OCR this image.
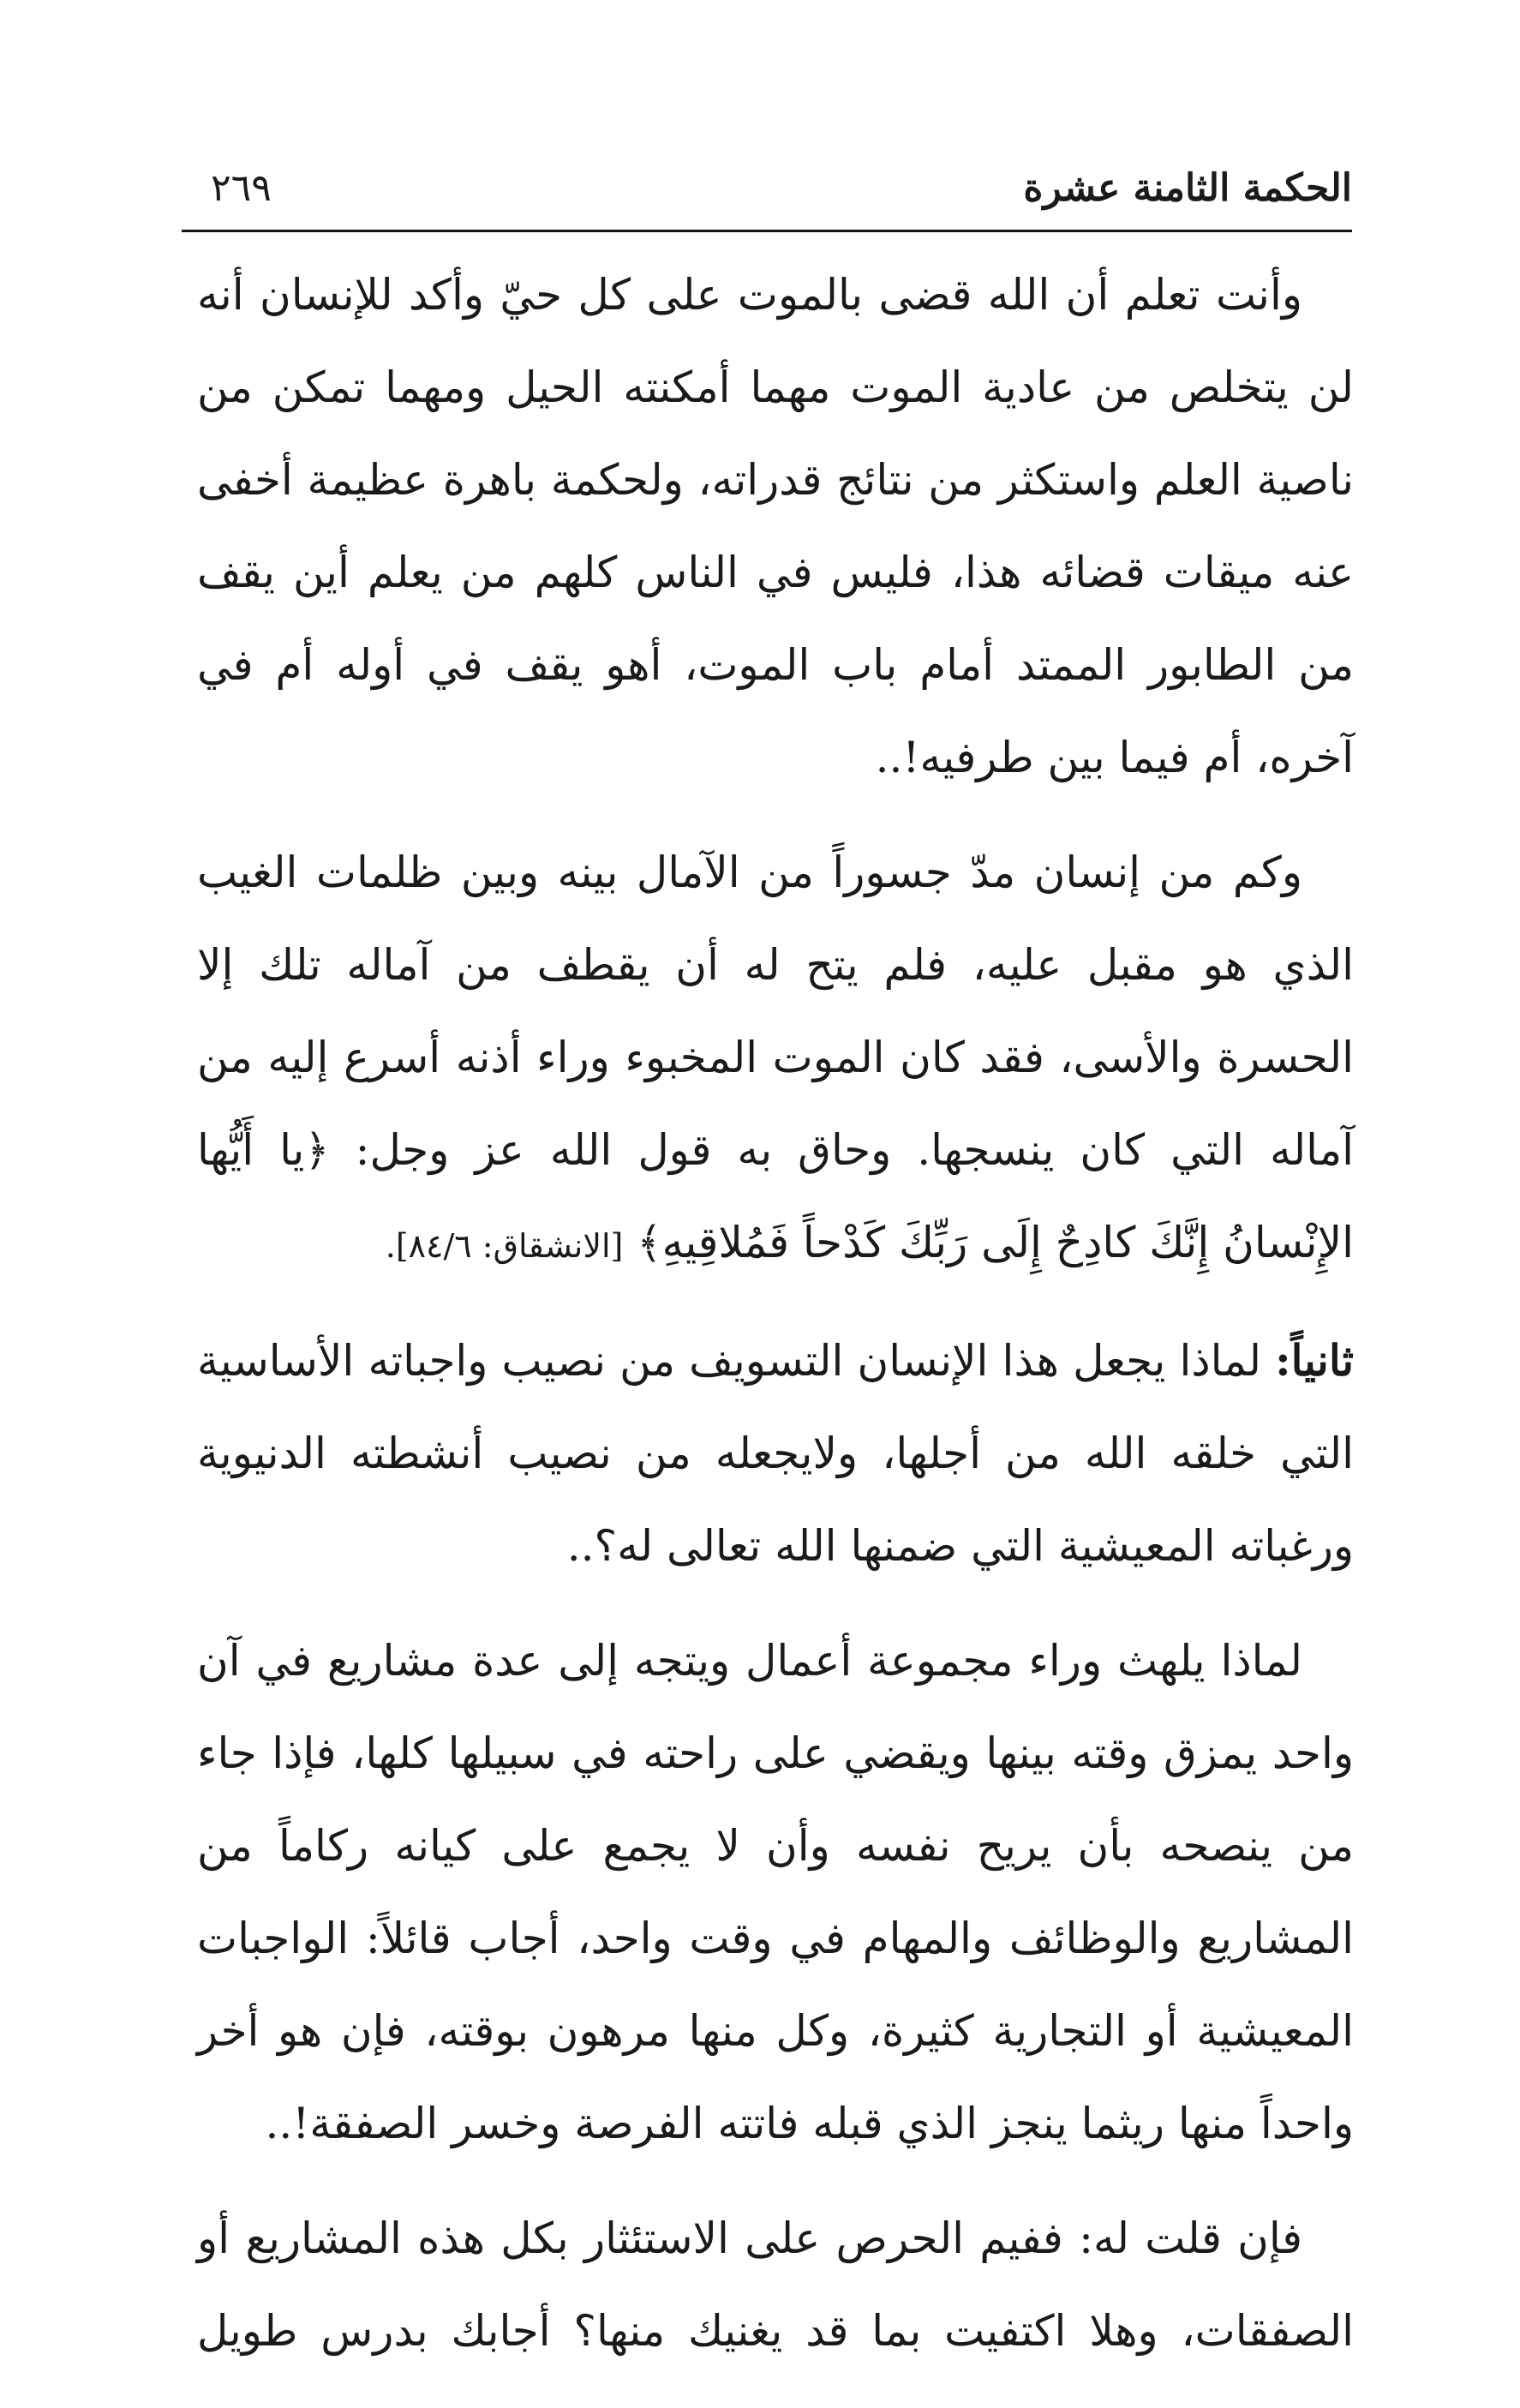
الحكمة الثامنة عشرة
٢٦٩

وأنت تعلم أن الله قضى بالموت على كل حيّ وأكد للإنسان أنه لن يتخلص من عادية الموت مهما أمكنته الحيل ومهما تمكن من ناصية العلم واستكثر من نتائج قدراته، ولحكمة باهرة عظيمة أخفى عنه ميقات قضائه هذا، فليس في الناس كلهم من يعلم أين يقف من الطابور الممتد أمام باب الموت، أهو يقف في أوله أم في آخره، أم فيما بين طرفيه!..

وكم من إنسان مدّ جسوراً من الآمال بينه وبين ظلمات الغيب الذي هو مقبل عليه، فلم يتح له أن يقطف من آماله تلك إلا الحسرة والأسى، فقد كان الموت المخبوء وراء أذنه أسرع إليه من آماله التي كان ينسجها. وحاق به قول الله عز وجل: ﴿يا أَيُّها الإِنْسانُ إِنَّكَ كادِحٌ إِلَى رَبِّكَ كَدْحاً فَمُلاقِيهِ﴾ [الانشقاق: ٨٤/٦].

ثانياً: لماذا يجعل هذا الإنسان التسويف من نصيب واجباته الأساسية التي خلقه الله من أجلها، ولايجعله من نصيب أنشطته الدنيوية ورغباته المعيشية التي ضمنها الله تعالى له؟..

لماذا يلهث وراء مجموعة أعمال ويتجه إلى عدة مشاريع في آن واحد يمزق وقته بينها ويقضي على راحته في سبيلها كلها، فإذا جاء من ينصحه بأن يريح نفسه وأن لا يجمع على كيانه ركاماً من المشاريع والوظائف والمهام في وقت واحد، أجاب قائلاً: الواجبات المعيشية أو التجارية كثيرة، وكل منها مرهون بوقته، فإن هو أخر واحداً منها ريثما ينجز الذي قبله فاتته الفرصة وخسر الصفقة!..

فإن قلت له: ففيم الحرص على الاستئثار بكل هذه المشاريع أو الصفقات، وهلا اكتفيت بما قد يغنيك منها؟ أجابك بدرس طويل
